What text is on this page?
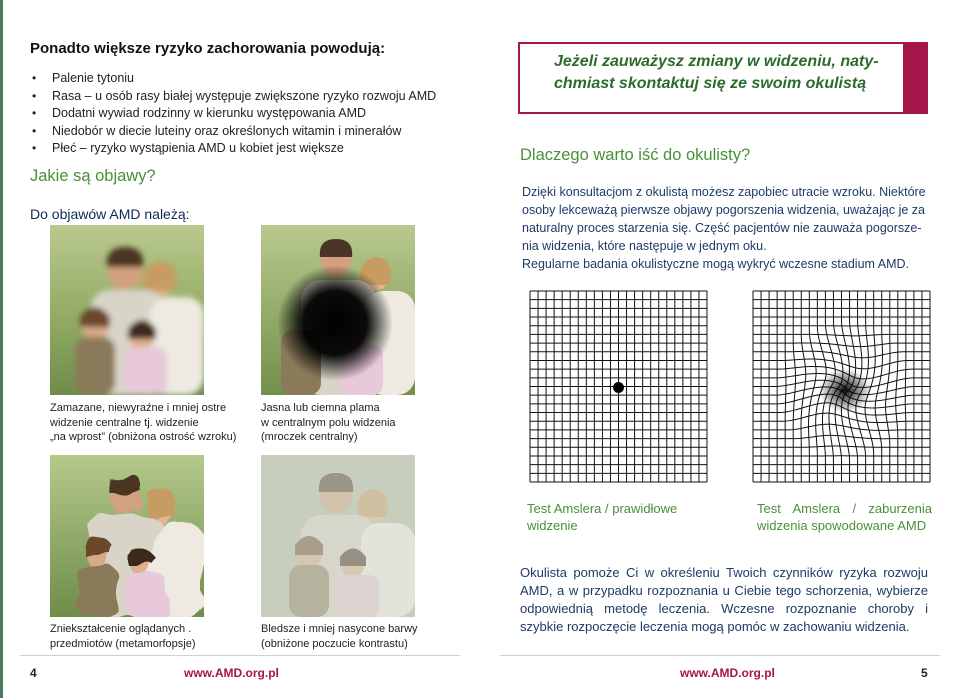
Ponadto większe ryzyko zachorowania powodują:
• Palenie tytoniu
• Rasa – u osób rasy białej występuje zwiększone ryzyko rozwoju AMD
• Dodatni wywiad rodzinny w kierunku występowania AMD
• Niedobór w diecie luteiny oraz określonych witamin i minerałów
• Płeć – ryzyko wystąpienia AMD u kobiet jest większe
Jakie są objawy?
Do objawów AMD należą:
Zamazane, niewyraźne i mniej ostre
widzenie centralne tj. widzenie
„na wprost” (obniżona ostrość wzroku)
Jasna lub ciemna plama
w centralnym polu widzenia
(mroczek centralny)
Zniekształcenie oglądanych .
przedmiotów (metamorfopsje)
Bledsze i mniej nasycone barwy
(obniżone poczucie kontrastu)
Jeżeli zauważysz zmiany w widzeniu, naty-
chmiast skontaktuj się ze swoim okulistą
Dlaczego warto iść do okulisty?

Dzięki konsultacjom z okulistą możesz zapobiec utracie wzroku. Niektóre

osoby lekceważą pierwsze objawy pogorszenia widzenia, uważając je za

naturalny proces starzenia się. Część pacjentów nie zauważa pogorsze-

nia widzenia, które następuje w jednym oku.

Regularne badania okulistyczne mogą wykryć wczesne stadium AMD.

Test Amslera / prawidłowe
widzenie
Test Amslera / zaburzenia
widzenia spowodowane AMD
Okulista pomoże Ci w określeniu Twoich czynników ryzyka rozwoju AMD, a w przypadku rozpoznania u Ciebie tego schorzenia, wybierze odpowiednią metodę leczenia. Wczesne rozpoznanie choroby i szybkie rozpoczęcie leczenia mogą pomóc w zachowaniu widzenia.
4	www.AMD.org.pl	www.AMD.org.pl	5
